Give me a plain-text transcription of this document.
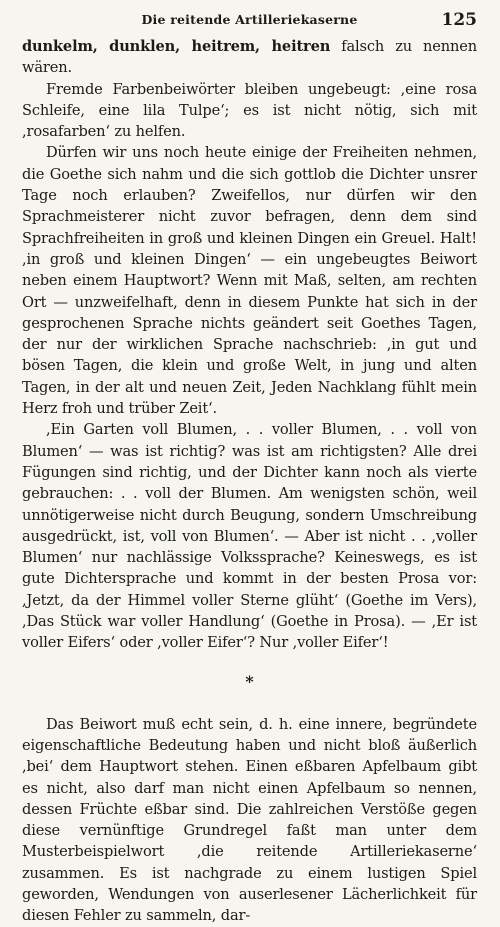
Die reitende Artilleriekaserne	125

dunkelm, dunklen, heitrem, heitren falsch zu nennen wären.

Fremde Farbenbeiwörter bleiben ungebeugt: ,eine rosa Schleife, eine lila Tulpe‘; es ist nicht nötig, sich mit ,rosafarben‘ zu helfen.

Dürfen wir uns noch heute einige der Freiheiten nehmen, die Goethe sich nahm und die sich gottlob die Dichter unsrer Tage noch erlauben? Zweifellos, nur dürfen wir den Sprachmeisterer nicht zuvor befragen, denn dem sind Sprachfreiheiten in groß und kleinen Dingen ein Greuel. Halt! ,in groß und kleinen Dingen‘ — ein ungebeugtes Beiwort neben einem Hauptwort? Wenn mit Maß, selten, am rechten Ort — unzweifelhaft, denn in diesem Punkte hat sich in der gesprochenen Sprache nichts geändert seit Goethes Tagen, der nur der wirklichen Sprache nachschrieb: ,in gut und bösen Tagen, die klein und große Welt, in jung und alten Tagen, in der alt und neuen Zeit, Jeden Nachklang fühlt mein Herz froh und trüber Zeit‘.

,Ein Garten voll Blumen, . . voller Blumen, . . voll von Blumen‘ — was ist richtig? was ist am richtigsten? Alle drei Fügungen sind richtig, und der Dichter kann noch als vierte gebrauchen: . . voll der Blumen. Am wenigsten schön, weil unnötigerweise nicht durch Beugung, sondern Umschreibung ausgedrückt, ist, voll von Blumen‘. — Aber ist nicht . . ,voller Blumen‘ nur nachlässige Volkssprache? Keineswegs, es ist gute Dichtersprache und kommt in der besten Prosa vor: ,Jetzt, da der Himmel voller Sterne glüht‘ (Goethe im Vers), ,Das Stück war voller Handlung‘ (Goethe in Prosa). — ,Er ist voller Eifers‘ oder ,voller Eifer‘? Nur ,voller Eifer‘!

*

Das Beiwort muß echt sein, d. h. eine innere, begründete eigenschaftliche Bedeutung haben und nicht bloß äußerlich ,bei‘ dem Hauptwort stehen. Einen eßbaren Apfelbaum gibt es nicht, also darf man nicht einen Apfelbaum so nennen, dessen Früchte eßbar sind. Die zahlreichen Verstöße gegen diese vernünftige Grundregel faßt man unter dem Musterbeispielwort ,die reitende Artilleriekaserne‘ zusammen. Es ist nachgrade zu einem lustigen Spiel geworden, Wendungen von auserlesener Lächerlichkeit für diesen Fehler zu sammeln, dar-
